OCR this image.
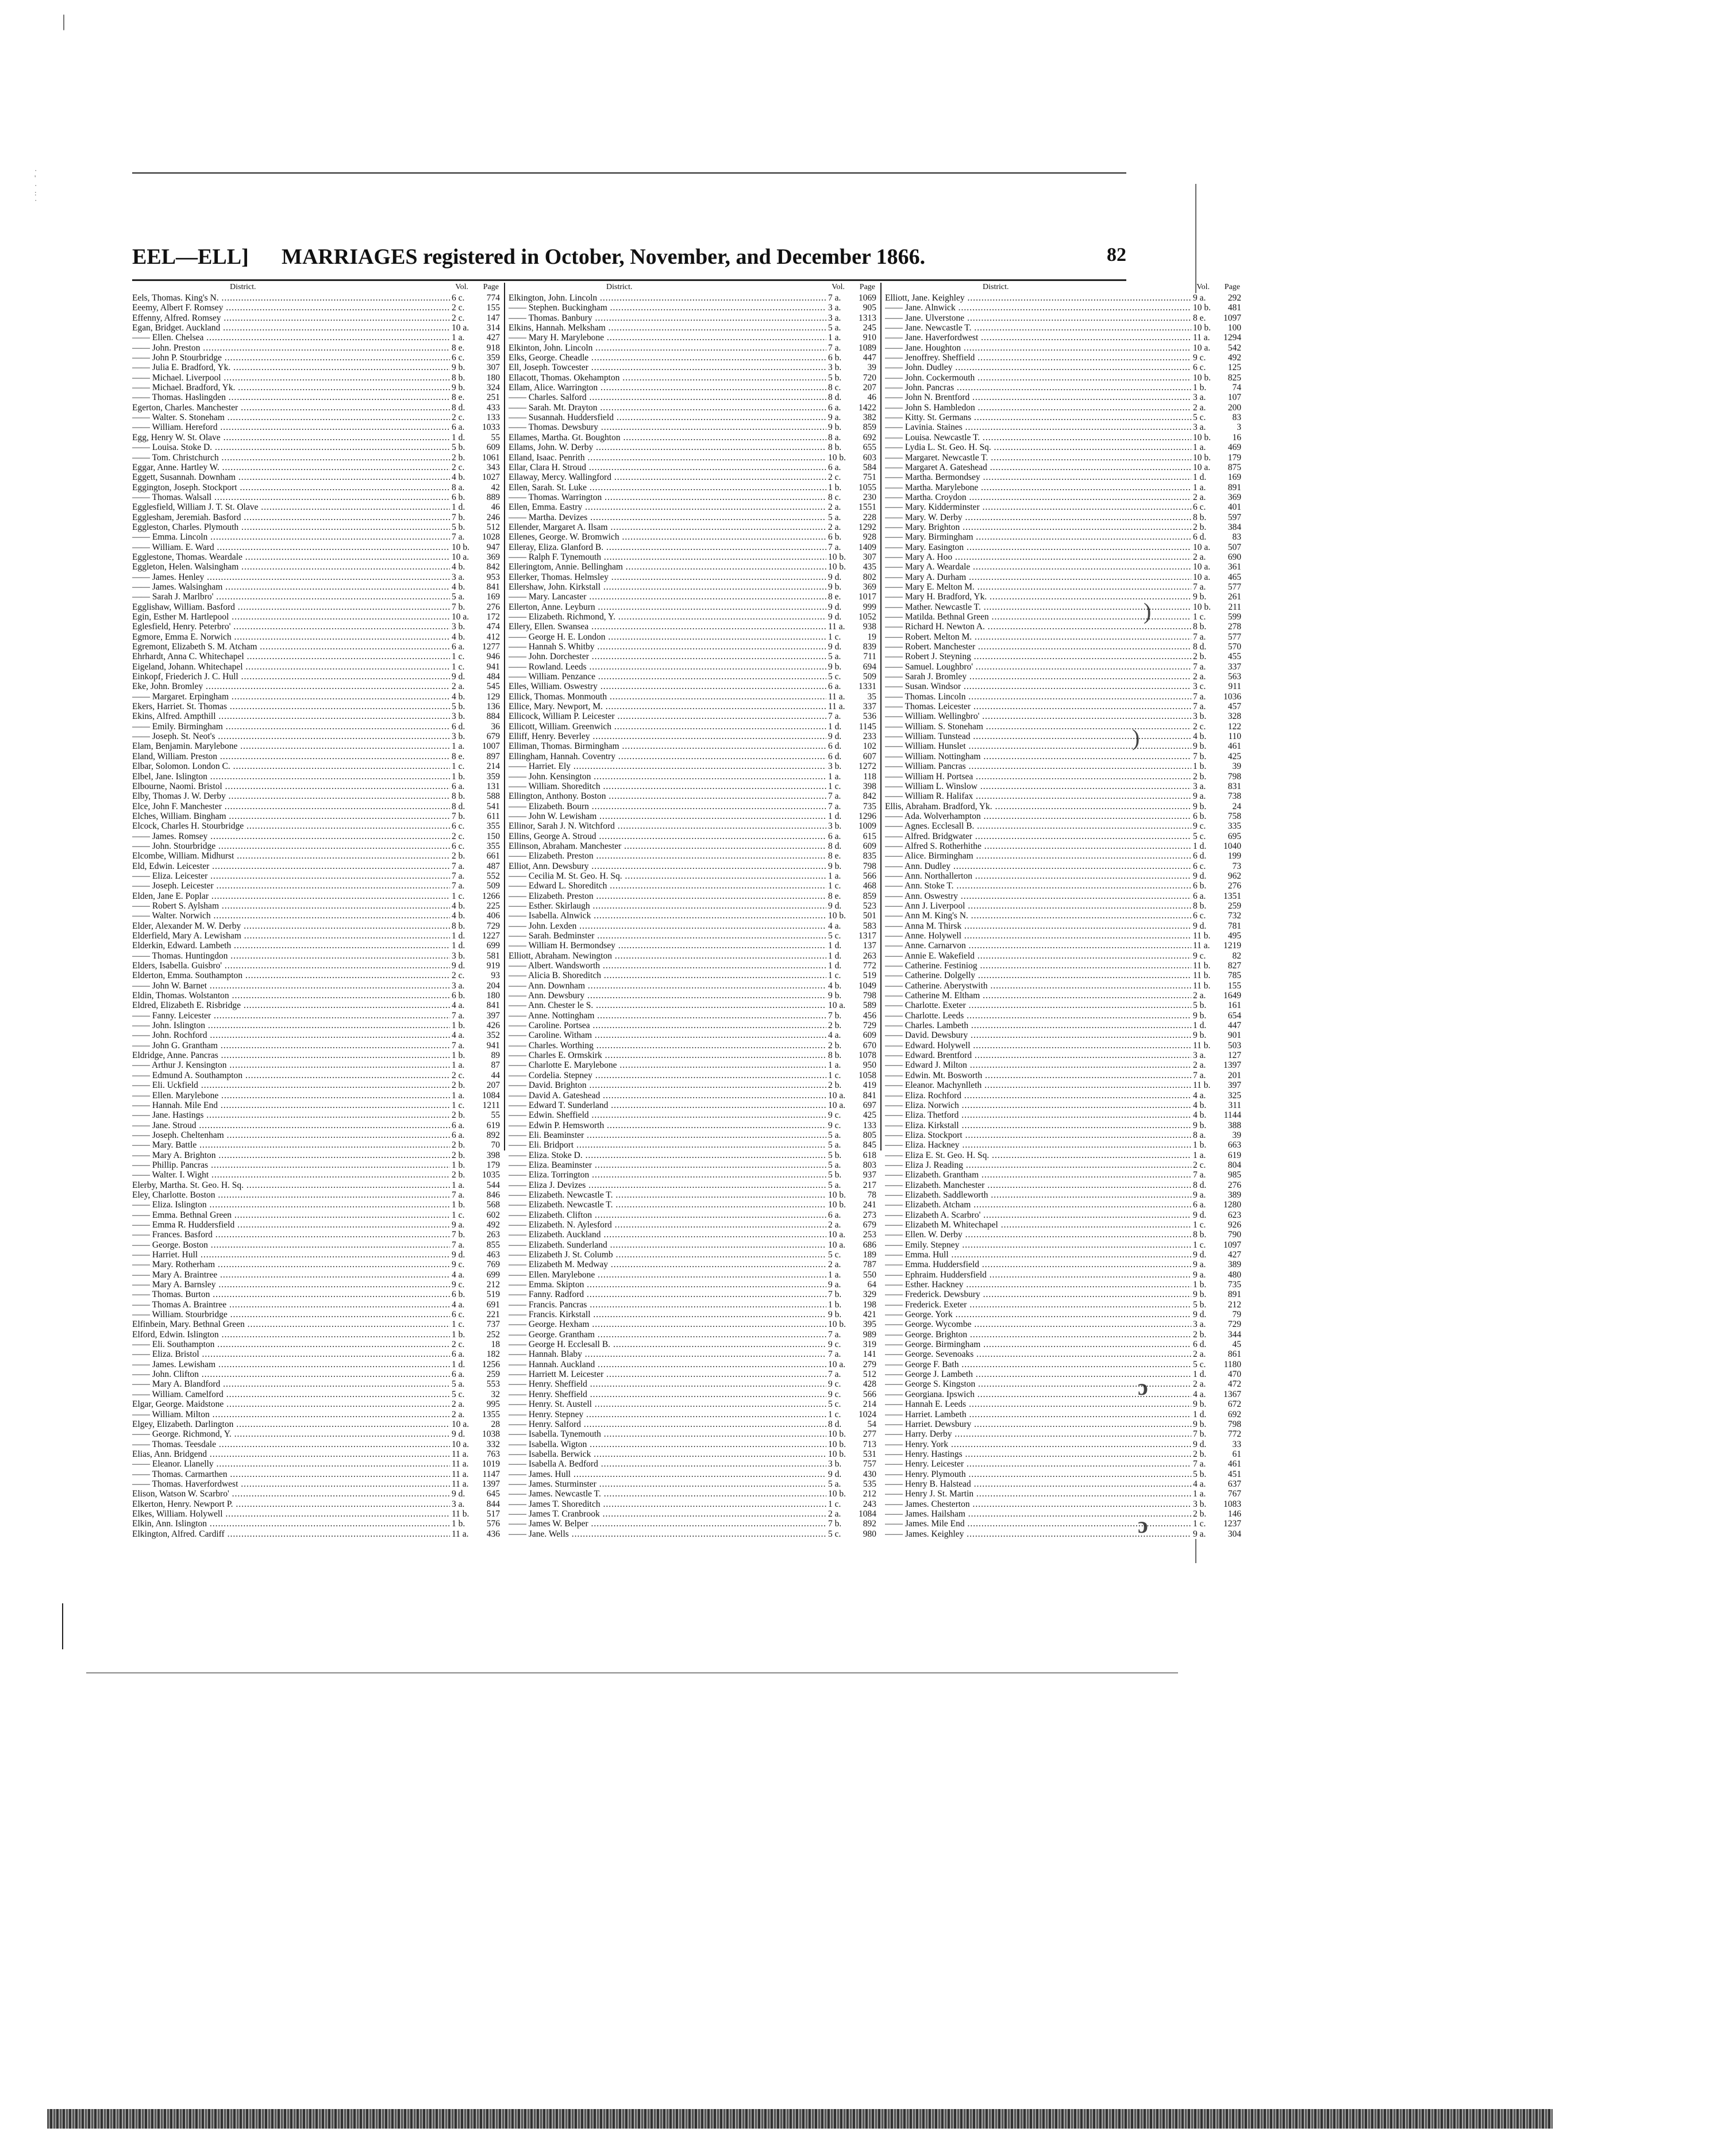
·
'
·
:
·
|
)
)
ɔ
ɔ
EEL—ELL] MARRIAGES registered in October, November, and December 1866.	82
District.	Vol. Page
Eels, Thomas. King's N. .....	6 c.	774
Eeemy, Albert F. Romsey .....	2 c.	155
Effenny, Alfred. Romsey .....	2 c.	147
Egan, Bridget. Auckland .....	10 a.	314
—— Ellen. Chelsea .....	1 a.	427
—— John. Preston .....	8 e.	918
—— John P. Stourbridge .....	6 c.	359
—— Julia E. Bradford, Yk. .....	9 b.	307
—— Michael. Liverpool .....	8 b.	180
—— Michael. Bradford, Yk. .....	9 b.	324
—— Thomas. Haslingden .....	8 e.	251
Egerton, Charles. Manchester .....	8 d.	433
—— Walter. S. Stoneham .....	2 c.	133
—— William. Hereford .....	6 a.	1033
Egg, Henry W. St. Olave .....	1 d.	55
—— Louisa. Stoke D. .....	5 b.	609
—— Tom. Christchurch .....	2 b.	1061
Eggar, Anne. Hartley W. .....	2 c.	343
Eggett, Susannah. Downham .....	4 b.	1027
Eggington, Joseph. Stockport .....	8 a.	42
—— Thomas. Walsall .....	6 b.	889
Egglesfield, William J. T. St. Olave .....	1 d.	46
Egglesham, Jeremiah. Basford .....	7 b.	246
Eggleston, Charles. Plymouth .....	5 b.	512
—— Emma. Lincoln .....	7 a.	1028
—— William. E. Ward .....	10 b.	947
Egglestone, Thomas. Weardale .....	10 a.	369
Eggleton, Helen. Walsingham .....	4 b.	842
—— James. Henley .....	3 a.	953
—— James. Walsingham .....	4 b.	841
—— Sarah J. Marlbro' .....	5 a.	169
Egglishaw, William. Basford .....	7 b.	276
Egin, Esther M. Hartlepool .....	10 a.	172
Eglesfield, Henry. Peterbro' .....	3 b.	474
Egmore, Emma E. Norwich .....	4 b.	412
Egremont, Elizabeth S. M. Atcham .....	6 a.	1277
Ehrhardt, Anna C. Whitechapel .....	1 c.	946
Eigeland, Johann. Whitechapel .....	1 c.	941
Einkopf, Friederich J. C. Hull .....	9 d.	484
Eke, John. Bromley .....	2 a.	545
—— Margaret. Erpingham .....	4 b.	129
Ekers, Harriet. St. Thomas .....	5 b.	136
Ekins, Alfred. Ampthill .....	3 b.	884
—— Emily. Birmingham .....	6 d.	36
—— Joseph. St. Neot's .....	3 b.	679
Elam, Benjamin. Marylebone .....	1 a.	1007
Eland, William. Preston .....	8 e.	897
Elbar, Solomon. London C. .....	1 c.	214
Elbel, Jane. Islington .....	1 b.	359
Elbourne, Naomi. Bristol .....	6 a.	131
Elby, Thomas J. W. Derby .....	8 b.	588
Elce, John F. Manchester .....	8 d.	541
Elches, William. Bingham .....	7 b.	611
Elcock, Charles H. Stourbridge .....	6 c.	355
—— James. Romsey .....	2 c.	150
—— John. Stourbridge .....	6 c.	355
Elcombe, William. Midhurst .....	2 b.	661
Eld, Edwin. Leicester .....	7 a.	487
—— Eliza. Leicester .....	7 a.	552
—— Joseph. Leicester .....	7 a.	509
Elden, Jane E. Poplar .....	1 c.	1266
—— Robert S. Aylsham .....	4 b.	225
—— Walter. Norwich .....	4 b.	406
Elder, Alexander M. W. Derby .....	8 b.	729
Elderfield, Mary A. Lewisham .....	1 d.	1227
Elderkin, Edward. Lambeth .....	1 d.	699
—— Thomas. Huntingdon .....	3 b.	581
Elders, Isabella. Guisbro' .....	9 d.	919
Elderton, Emma. Southampton .....	2 c.	93
—— John W. Barnet .....	3 a.	204
Eldin, Thomas. Wolstanton .....	6 b.	180
Eldred, Elizabeth E. Risbridge .....	4 a.	841
—— Fanny. Leicester .....	7 a.	397
—— John. Islington .....	1 b.	426
—— John. Rochford .....	4 a.	352
—— John G. Grantham .....	7 a.	941
Eldridge, Anne. Pancras .....	1 b.	89
—— Arthur J. Kensington .....	1 a.	87
—— Edmund A. Southampton .....	2 c.	44
—— Eli. Uckfield .....	2 b.	207
—— Ellen. Marylebone .....	1 a.	1084
—— Hannah. Mile End .....	1 c.	1211
—— Jane. Hastings .....	2 b.	55
—— Jane. Stroud .....	6 a.	619
—— Joseph. Cheltenham .....	6 a.	892
—— Mary. Battle .....	2 b.	70
—— Mary A. Brighton .....	2 b.	398
—— Phillip. Pancras .....	1 b.	179
—— Walter. I. Wight .....	2 b.	1035
Elerby, Martha. St. Geo. H. Sq. .....	1 a.	544
Eley, Charlotte. Boston .....	7 a.	846
—— Eliza. Islington .....	1 b.	568
—— Emma. Bethnal Green .....	1 c.	602
—— Emma R. Huddersfield .....	9 a.	492
—— Frances. Basford .....	7 b.	263
—— George. Boston .....	7 a.	855
—— Harriet. Hull .....	9 d.	463
—— Mary. Rotherham .....	9 c.	769
—— Mary A. Braintree .....	4 a.	699
—— Mary A. Barnsley .....	9 c.	212
—— Thomas. Burton .....	6 b.	519
—— Thomas A. Braintree .....	4 a.	691
—— William. Stourbridge .....	6 c.	221
Elfinbein, Mary. Bethnal Green .....	1 c.	737
Elford, Edwin. Islington .....	1 b.	252
—— Eli. Southampton .....	2 c.	18
—— Eliza. Bristol .....	6 a.	182
—— James. Lewisham .....	1 d.	1256
—— John. Clifton .....	6 a.	259
—— Mary A. Blandford .....	5 a.	553
—— William. Camelford .....	5 c.	32
Elgar, George. Maidstone .....	2 a.	995
—— William. Milton .....	2 a.	1355
Elgey, Elizabeth. Darlington .....	10 a.	28
—— George. Richmond, Y. .....	9 d.	1038
—— Thomas. Teesdale .....	10 a.	332
Elias, Ann. Bridgend .....	11 a.	763
—— Eleanor. Llanelly .....	11 a.	1019
—— Thomas. Carmarthen .....	11 a.	1147
—— Thomas. Haverfordwest .....	11 a.	1397
Elison, Watson W. Scarbro' .....	9 d.	645
Elkerton, Henry. Newport P. .....	3 a.	844
Elkes, William. Holywell .....	11 b.	517
Elkin, Ann. Islington .....	1 b.	576
Elkington, Alfred. Cardiff .....	11 a.	436
District.	Vol. Page
Elkington, John. Lincoln .....	7 a.	1069
—— Stephen. Buckingham .....	3 a.	905
—— Thomas. Banbury .....	3 a.	1313
Elkins, Hannah. Melksham .....	5 a.	245
—— Mary H. Marylebone .....	1 a.	910
Elkinton, John. Lincoln .....	7 a.	1089
Elks, George. Cheadle .....	6 b.	447
Ell, Joseph. Towcester .....	3 b.	39
Ellacott, Thomas. Okehampton .....	5 b.	720
Ellam, Alice. Warrington .....	8 c.	207
—— Charles. Salford .....	8 d.	46
—— Sarah. Mt. Drayton .....	6 a.	1422
—— Susannah. Huddersfield .....	9 a.	382
—— Thomas. Dewsbury .....	9 b.	859
Ellames, Martha. Gt. Boughton .....	8 a.	692
Ellams, John. W. Derby .....	8 b.	655
Elland, Isaac. Penrith .....	10 b.	603
Ellar, Clara H. Stroud .....	6 a.	584
Ellaway, Mercy. Wallingford .....	2 c.	751
Ellen, Sarah. St. Luke .....	1 b.	1055
—— Thomas. Warrington .....	8 c.	230
Ellen, Emma. Eastry .....	2 a.	1551
—— Martha. Devizes .....	5 a.	228
Ellender, Margaret A. Ilsam .....	2 a.	1292
Ellenes, George. W. Bromwich .....	6 b.	928
Elleray, Eliza. Glanford B. .....	7 a.	1409
—— Ralph F. Tynemouth .....	10 b.	307
Elleringtom, Annie. Bellingham .....	10 b.	435
Ellerker, Thomas. Helmsley .....	9 d.	802
Ellershaw, John. Kirkstall .....	9 b.	369
—— Mary. Lancaster .....	8 e.	1017
Ellerton, Anne. Leyburn .....	9 d.	999
—— Elizabeth. Richmond, Y. .....	9 d.	1052
Ellery, Ellen. Swansea .....	11 a.	938
—— George H. E. London .....	1 c.	19
—— Hannah S. Whitby .....	9 d.	839
—— John. Dorchester .....	5 a.	711
—— Rowland. Leeds .....	9 b.	694
—— William. Penzance .....	5 c.	509
Elles, William. Oswestry .....	6 a.	1331
Ellick, Thomas. Monmouth .....	11 a.	35
Ellice, Mary. Newport, M. .....	11 a.	337
Ellicock, William P. Leicester .....	7 a.	536
Ellicott, William. Greenwich .....	1 d.	1145
Elliff, Henry. Beverley .....	9 d.	233
Elliman, Thomas. Birmingham .....	6 d.	102
Ellingham, Hannah. Coventry .....	6 d.	607
—— Harriet. Ely .....	3 b.	1272
—— John. Kensington .....	1 a.	118
—— William. Shoreditch .....	1 c.	398
Ellington, Anthony. Boston .....	7 a.	842
—— Elizabeth. Bourn .....	7 a.	735
—— John W. Lewisham .....	1 d.	1296
Ellinor, Sarah J. N. Witchford .....	3 b.	1009
Ellins, George A. Stroud .....	6 a.	615
Ellinson, Abraham. Manchester .....	8 d.	609
—— Elizabeth. Preston .....	8 e.	835
Elliot, Ann. Dewsbury .....	9 b.	798
—— Cecilia M. St. Geo. H. Sq. .....	1 a.	566
—— Edward L. Shoreditch .....	1 c.	468
—— Elizabeth. Preston .....	8 e.	859
—— Esther. Skirlaugh .....	9 d.	523
—— Isabella. Alnwick .....	10 b.	501
—— John. Lexden .....	4 a.	583
—— Sarah. Bedminster .....	5 c.	1317
—— William H. Bermondsey .....	1 d.	137
Elliott, Abraham. Newington .....	1 d.	263
—— Albert. Wandsworth .....	1 d.	772
—— Alicia B. Shoreditch .....	1 c.	519
—— Ann. Downham .....	4 b.	1049
—— Ann. Dewsbury .....	9 b.	798
—— Ann. Chester le S. .....	10 a.	589
—— Anne. Nottingham .....	7 b.	456
—— Caroline. Portsea .....	2 b.	729
—— Caroline. Witham .....	4 a.	609
—— Charles. Worthing .....	2 b.	670
—— Charles E. Ormskirk .....	8 b.	1078
—— Charlotte E. Marylebone .....	1 a.	950
—— Cordelia. Stepney .....	1 c.	1058
—— David. Brighton .....	2 b.	419
—— David A. Gateshead .....	10 a.	841
—— Edward T. Sunderland .....	10 a.	697
—— Edwin. Sheffield .....	9 c.	425
—— Edwin P. Hemsworth .....	9 c.	133
—— Eli. Beaminster .....	5 a.	805
—— Eli. Bridport .....	5 a.	845
—— Eliza. Stoke D. .....	5 b.	618
—— Eliza. Beaminster .....	5 a.	803
—— Eliza. Torrington .....	5 b.	937
—— Eliza J. Devizes .....	5 a.	217
—— Elizabeth. Newcastle T. .....	10 b.	78
—— Elizabeth. Newcastle T. .....	10 b.	241
—— Elizabeth. Clifton .....	6 a.	273
—— Elizabeth. N. Aylesford .....	2 a.	679
—— Elizabeth. Auckland .....	10 a.	253
—— Elizabeth. Sunderland .....	10 a.	686
—— Elizabeth J. St. Columb .....	5 c.	189
—— Elizabeth M. Medway .....	2 a.	787
—— Ellen. Marylebone .....	1 a.	550
—— Emma. Skipton .....	9 a.	64
—— Fanny. Radford .....	7 b.	329
—— Francis. Pancras .....	1 b.	198
—— Francis. Kirkstall .....	9 b.	421
—— George. Hexham .....	10 b.	395
—— George. Grantham .....	7 a.	989
—— George H. Ecclesall B. .....	9 c.	319
—— Hannah. Blaby .....	7 a.	141
—— Hannah. Auckland .....	10 a.	279
—— Harriett M. Leicester .....	7 a.	512
—— Henry. Sheffield .....	9 c.	428
—— Henry. Sheffield .....	9 c.	566
—— Henry. St. Austell .....	5 c.	214
—— Henry. Stepney .....	1 c.	1024
—— Henry. Salford .....	8 d.	54
—— Isabella. Tynemouth .....	10 b.	277
—— Isabella. Wigton .....	10 b.	713
—— Isabella. Berwick .....	10 b.	531
—— Isabella A. Bedford .....	3 b.	757
—— James. Hull .....	9 d.	430
—— James. Sturminster .....	5 a.	535
—— James. Newcastle T. .....	10 b.	212
—— James T. Shoreditch .....	1 c.	243
—— James T. Cranbrook .....	2 a.	1084
—— James W. Belper .....	7 b.	892
—— Jane. Wells .....	5 c.	980
District.	Vol. Page
Elliott, Jane. Keighley .....	9 a.	292
—— Jane. Alnwick .....	10 b.	481
—— Jane. Ulverstone .....	8 e.	1097
—— Jane. Newcastle T. .....	10 b.	100
—— Jane. Haverfordwest .....	11 a.	1294
—— Jane. Houghton .....	10 a.	542
—— Jenoffrey. Sheffield .....	9 c.	492
—— John. Dudley .....	6 c.	125
—— John. Cockermouth .....	10 b.	825
—— John. Pancras .....	1 b.	74
—— John N. Brentford .....	3 a.	107
—— John S. Hambledon .....	2 a.	200
—— Kitty. St. Germans .....	5 c.	83
—— Lavinia. Staines .....	3 a.	3
—— Louisa. Newcastle T. .....	10 b.	16
—— Lydia L. St. Geo. H. Sq. .....	1 a.	469
—— Margaret. Newcastle T. .....	10 b.	179
—— Margaret A. Gateshead .....	10 a.	875
—— Martha. Bermondsey .....	1 d.	169
—— Martha. Marylebone .....	1 a.	891
—— Martha. Croydon .....	2 a.	369
—— Mary. Kidderminster .....	6 c.	401
—— Mary. W. Derby .....	8 b.	597
—— Mary. Brighton .....	2 b.	384
—— Mary. Birmingham .....	6 d.	83
—— Mary. Easington .....	10 a.	507
—— Mary A. Hoo .....	2 a.	690
—— Mary A. Weardale .....	10 a.	361
—— Mary A. Durham .....	10 a.	465
—— Mary E. Melton M. .....	7 a.	577
—— Mary H. Bradford, Yk. .....	9 b.	261
—— Mather. Newcastle T. .....	10 b.	211
—— Matilda. Bethnal Green .....	1 c.	599
—— Richard H. Newton A. .....	8 b.	278
—— Robert. Melton M. .....	7 a.	577
—— Robert. Manchester .....	8 d.	570
—— Robert J. Steyning .....	2 b.	455
—— Samuel. Loughbro' .....	7 a.	337
—— Sarah J. Bromley .....	2 a.	563
—— Susan. Windsor .....	3 c.	911
—— Thomas. Lincoln .....	7 a.	1036
—— Thomas. Leicester .....	7 a.	457
—— William. Wellingbro' .....	3 b.	328
—— William. S. Stoneham .....	2 c.	122
—— William. Tunstead .....	4 b.	110
—— William. Hunslet .....	9 b.	461
—— William. Nottingham .....	7 b.	425
—— William. Pancras .....	1 b.	39
—— William H. Portsea .....	2 b.	798
—— William L. Winslow .....	3 a.	831
—— William R. Halifax .....	9 a.	738
Ellis, Abraham. Bradford, Yk. .....	9 b.	24
—— Ada. Wolverhampton .....	6 b.	758
—— Agnes. Ecclesall B. .....	9 c.	335
—— Alfred. Bridgwater .....	5 c.	695
—— Alfred S. Rotherhithe .....	1 d.	1040
—— Alice. Birmingham .....	6 d.	199
—— Ann. Dudley .....	6 c.	73
—— Ann. Northallerton .....	9 d.	962
—— Ann. Stoke T. .....	6 b.	276
—— Ann. Oswestry .....	6 a.	1351
—— Ann J. Liverpool .....	8 b.	259
—— Ann M. King's N. .....	6 c.	732
—— Anna M. Thirsk .....	9 d.	781
—— Anne. Holywell .....	11 b.	495
—— Anne. Carnarvon .....	11 a.	1219
—— Annie E. Wakefield .....	9 c.	82
—— Catherine. Festiniog .....	11 b.	827
—— Catherine. Dolgelly .....	11 b.	785
—— Catherine. Aberystwith .....	11 b.	155
—— Catherine M. Eltham .....	2 a.	1649
—— Charlotte. Exeter .....	5 b.	161
—— Charlotte. Leeds .....	9 b.	654
—— Charles. Lambeth .....	1 d.	447
—— David. Dewsbury .....	9 b.	901
—— Edward. Holywell .....	11 b.	503
—— Edward. Brentford .....	3 a.	127
—— Edward J. Milton .....	2 a.	1397
—— Edwin. Mt. Bosworth .....	7 a.	201
—— Eleanor. Machynlleth .....	11 b.	397
—— Eliza. Rochford .....	4 a.	325
—— Eliza. Norwich .....	4 b.	311
—— Eliza. Thetford .....	4 b.	1144
—— Eliza. Kirkstall .....	9 b.	388
—— Eliza. Stockport .....	8 a.	39
—— Eliza. Hackney .....	1 b.	663
—— Eliza E. St. Geo. H. Sq. .....	1 a.	619
—— Eliza J. Reading .....	2 c.	804
—— Elizabeth. Grantham .....	7 a.	985
—— Elizabeth. Manchester .....	8 d.	276
—— Elizabeth. Saddleworth .....	9 a.	389
—— Elizabeth. Atcham .....	6 a.	1280
—— Elizabeth A. Scarbro' .....	9 d.	623
—— Elizabeth M. Whitechapel .....	1 c.	926
—— Ellen. W. Derby .....	8 b.	790
—— Emily. Stepney .....	1 c.	1097
—— Emma. Hull .....	9 d.	427
—— Emma. Huddersfield .....	9 a.	389
—— Ephraim. Huddersfield .....	9 a.	480
—— Esther. Hackney .....	1 b.	735
—— Frederick. Dewsbury .....	9 b.	891
—— Frederick. Exeter .....	5 b.	212
—— George. York .....	9 d.	79
—— George. Wycombe .....	3 a.	729
—— George. Brighton .....	2 b.	344
—— George. Birmingham .....	6 d.	45
—— George. Sevenoaks .....	2 a.	861
—— George F. Bath .....	5 c.	1180
—— George J. Lambeth .....	1 d.	470
—— George S. Kingston .....	2 a.	472
—— Georgiana. Ipswich .....	4 a.	1367
—— Hannah E. Leeds .....	9 b.	672
—— Harriet. Lambeth .....	1 d.	692
—— Harriet. Dewsbury .....	9 b.	798
—— Harry. Derby .....	7 b.	772
—— Henry. York .....	9 d.	33
—— Henry. Hastings .....	2 b.	61
—— Henry. Leicester .....	7 a.	461
—— Henry. Plymouth .....	5 b.	451
—— Henry B. Halstead .....	4 a.	637
—— Henry J. St. Martin .....	1 a.	767
—— James. Chesterton .....	3 b.	1083
—— James. Hailsham .....	2 b.	146
—— James. Mile End .....	1 c.	1237
—— James. Keighley .....	9 a.	304
